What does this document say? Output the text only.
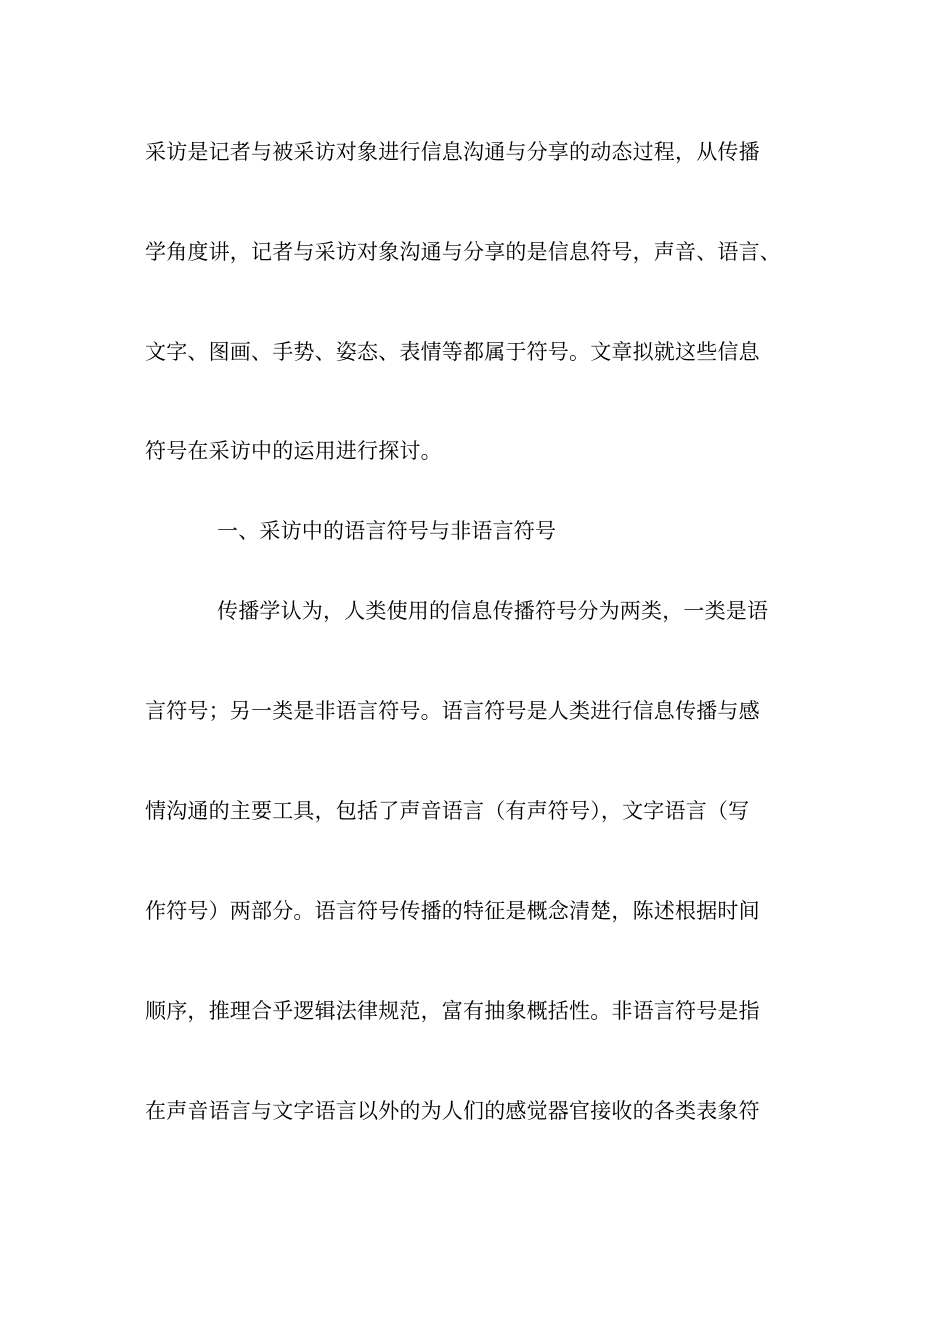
采访是记者与被采访对象进行信息沟通与分享的动态过程，从传播
学角度讲，记者与采访对象沟通与分享的是信息符号，声音、语言、
文字、图画、手势、姿态、表情等都属于符号。文章拟就这些信息
符号在采访中的运用进行探讨。
一、采访中的语言符号与非语言符号
传播学认为，人类使用的信息传播符号分为两类，一类是语
言符号；另一类是非语言符号。语言符号是人类进行信息传播与感
情沟通的主要工具，包括了声音语言（有声符号），文字语言（写
作符号）两部分。语言符号传播的特征是概念清楚，陈述根据时间
顺序，推理合乎逻辑法律规范，富有抽象概括性。非语言符号是指
在声音语言与文字语言以外的为人们的感觉器官接收的各类表象符
